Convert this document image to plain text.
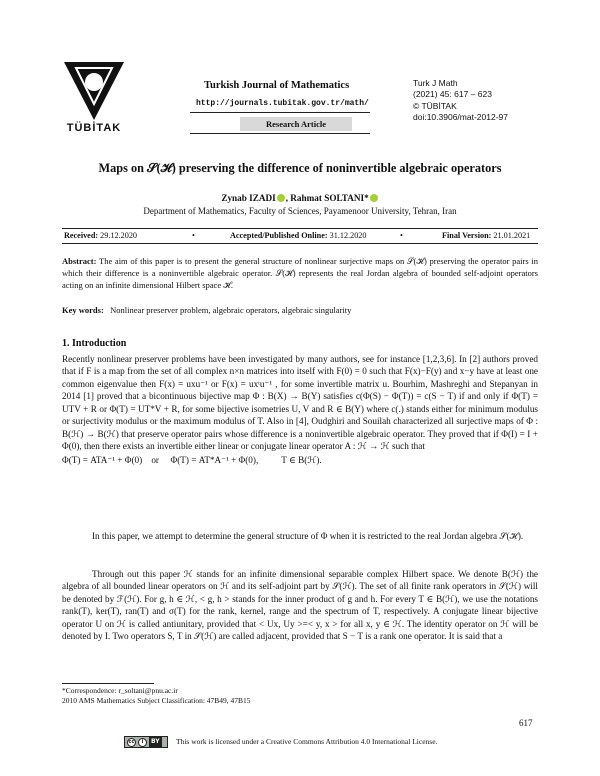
TÜBİTAK
Turkish Journal of Mathematics
http://journals.tubitak.gov.tr/math/
Research Article
Turk J Math
(2021) 45: 617 – 623
© TÜBİTAK
doi:10.3906/mat-2012-97
Maps on 𝒮(ℋ) preserving the difference of noninvertible algebraic operators
Zynab IZADI , Rahmat SOLTANI*
Department of Mathematics, Faculty of Sciences, Payamenoor University, Tehran, Iran
Received: 29.12.2020	•	Accepted/Published Online: 31.12.2020	•	Final Version: 21.01.2021
Abstract: The aim of this paper is to present the general structure of nonlinear surjective maps on 𝒮(ℋ) preserving the operator pairs in which their difference is a noninvertible algebraic operator. 𝒮(ℋ) represents the real Jordan algebra of bounded self-adjoint operators acting on an infinite dimensional Hilbert space ℋ.
Key words: Nonlinear preserver problem, algebraic operators, algebraic singularity
1. Introduction
Recently nonlinear preserver problems have been investigated by many authors, see for instance [1,2,3,6]. In [2] authors proved that if F is a map from the set of all complex n×n matrices into itself with F(0) = 0 such that F(x)−F(y) and x−y have at least one common eigenvalue then F(x) = uxu⁻¹ or F(x) = uxᵗu⁻¹ , for some invertible matrix u. Bourhim, Mashreghi and Stepanyan in 2014 [1] proved that a bicontinuous bijective map Φ : B(X) → B(Y) satisfies c(Φ(S) − Φ(T)) = c(S − T) if and only if Φ(T) = UTV + R or Φ(T) = UT*V + R, for some bijective isometries U, V and R ∈ B(Y) where c(.) stands either for minimum modulus or surjectivity modulus or the maximum modulus of T. Also in [4], Oudghiri and Souilah characterized all surjective maps of Φ : B(ℋ) → B(ℋ) that preserve operator pairs whose difference is a noninvertible algebraic operator. They proved that if Φ(I) = I + Φ(0), then there exists an invertible either linear or conjugate linear operator A : ℋ → ℋ such that
Φ(T) = ATA⁻¹ + Φ(0)    or     Φ(T) = AT*A⁻¹ + Φ(0),          T ∈ B(ℋ).
In this paper, we attempt to determine the general structure of Φ when it is restricted to the real Jordan algebra 𝒮(ℋ).
Through out this paper ℋ stands for an infinite dimensional separable complex Hilbert space. We denote B(ℋ) the algebra of all bounded linear operators on ℋ and its self-adjoint part by 𝒮(ℋ). The set of all finite rank operators in 𝒮(ℋ) will be denoted by ℱ(ℋ). For g, h ∈ ℋ, < g, h > stands for the inner product of g and h. For every T ∈ B(ℋ), we use the notations rank(T), ker(T), ran(T) and σ(T) for the rank, kernel, range and the spectrum of T, respectively. A conjugate linear bijective operator U on ℋ is called antiunitary, provided that < Ux, Uy >=< y, x > for all x, y ∈ ℋ. The identity operator on ℋ will be denoted by I. Two operators S, T in 𝒮(ℋ) are called adjacent, provided that S − T is a rank one operator. It is said that a
*Correspondence: r_soltani@pnu.ac.ir
2010 AMS Mathematics Subject Classification: 47B49, 47B15
617
cc	i	BY This work is licensed under a Creative Commons Attribution 4.0 International License.
